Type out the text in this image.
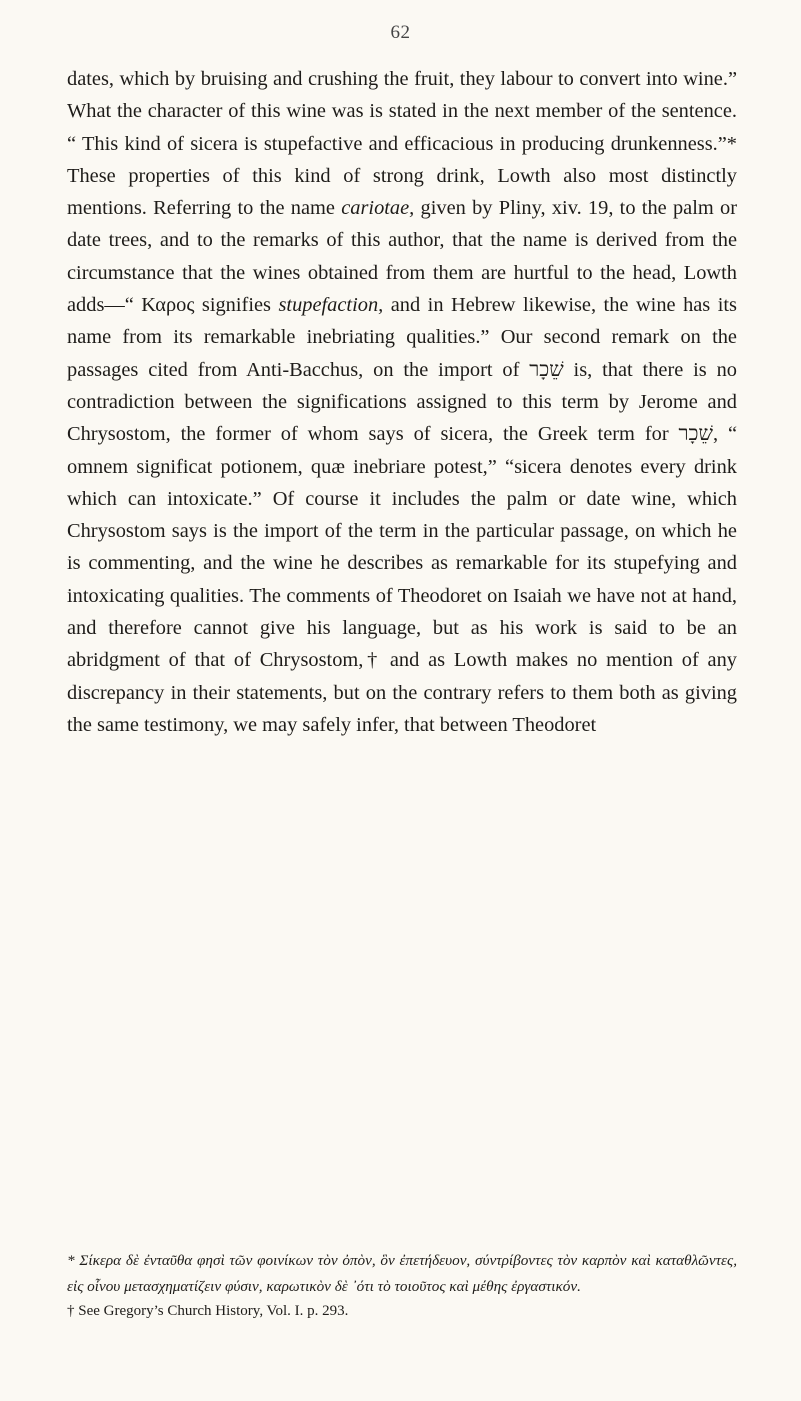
62

dates, which by bruising and crushing the fruit, they labour to convert into wine.” What the character of this wine was is stated in the next member of the sentence. “ This kind of sicera is stupefactive and efficacious in producing drunkenness.”* These properties of this kind of strong drink, Lowth also most distinctly mentions. Referring to the name cariotae, given by Pliny, xiv. 19, to the palm or date trees, and to the remarks of this author, that the name is derived from the circumstance that the wines obtained from them are hurtful to the head, Lowth adds—“ Καρος signifies stupefaction, and in Hebrew likewise, the wine has its name from its remarkable inebriating qualities.” Our second remark on the passages cited from Anti-Bacchus, on the import of שֵׁכָר is, that there is no contradiction between the significations assigned to this term by Jerome and Chrysostom, the former of whom says of sicera, the Greek term for שֵׁכָר, “ omnem significat potionem, quæ inebriare potest,” “sicera denotes every drink which can intoxicate.” Of course it includes the palm or date wine, which Chrysostom says is the import of the term in the particular passage, on which he is commenting, and the wine he describes as remarkable for its stupefying and intoxicating qualities. The comments of Theodoret on Isaiah we have not at hand, and therefore cannot give his language, but as his work is said to be an abridgment of that of Chrysostom,† and as Lowth makes no mention of any discrepancy in their statements, but on the contrary refers to them both as giving the same testimony, we may safely infer, that between Theodoret

* Σίκερα δὲ ἐνταῦθα φησὶ τῶν φοινίκων τὸν ὀπὸν, ὃν ἐπετήδευον, σύντρίβοντες τὸν καρπὸν καὶ καταθλῶντες, εἰς οἶνου μετασχηματίζειν φύσιν, καρωτικὸν δὲ ᾽ότι τὸ τοιοῦτος καὶ μέθης ἐργαστικόν.

† See Gregory’s Church History, Vol. I. p. 293.
